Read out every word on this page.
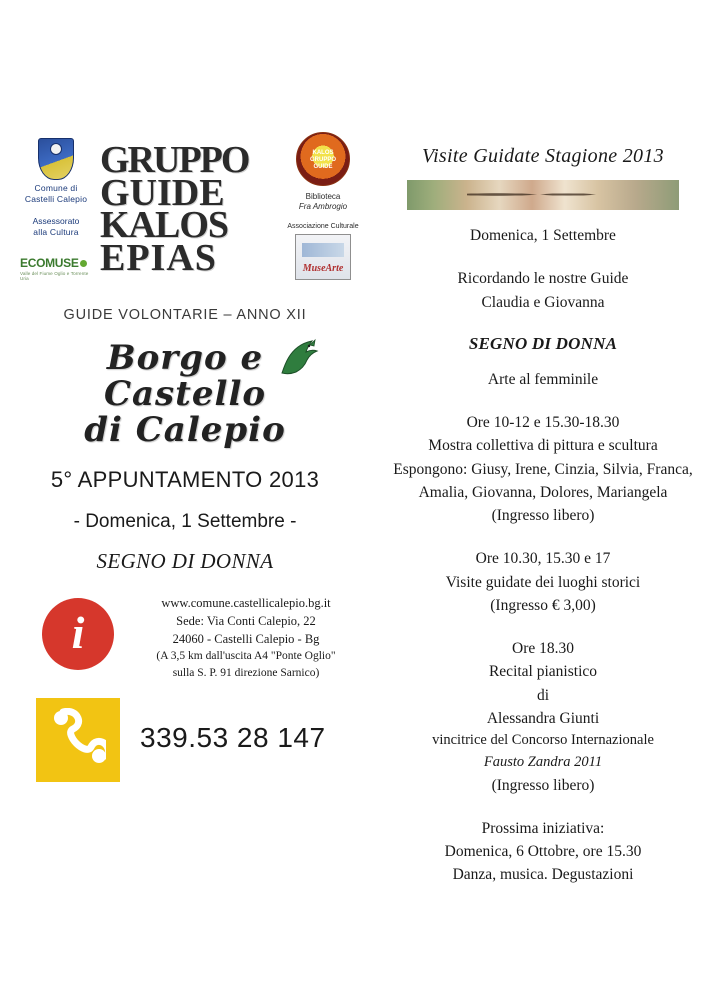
Comune di
Castelli Calepio
Assessorato
alla Cultura
ECOMUSE
Valle del Fiume Oglio e Torrente Uria
GRUPPO
GUIDE
KALOS
EPIAS
KALOS
GRUPPO
GUIDE
Biblioteca
Fra Ambrogio
Associazione Culturale
MuseArte
GUIDE VOLONTARIE – ANNO XII
Borgo e
Castello
di Calepio
5° APPUNTAMENTO 2013
- Domenica, 1 Settembre -
SEGNO DI DONNA
i
www.comune.castellicalepio.bg.it
Sede: Via Conti Calepio, 22
24060 - Castelli Calepio - Bg
(A 3,5 km dall'uscita A4 "Ponte Oglio"
sulla S. P. 91 direzione Sarnico)
339.53 28 147
Visite Guidate Stagione 2013
Domenica, 1 Settembre
Ricordando le nostre Guide
Claudia e Giovanna
SEGNO DI DONNA
Arte al femminile
Ore 10-12 e 15.30-18.30
Mostra collettiva di pittura e scultura
Espongono: Giusy, Irene, Cinzia, Silvia, Franca,
Amalia, Giovanna, Dolores, Mariangela
(Ingresso libero)
Ore 10.30, 15.30 e 17
Visite guidate dei luoghi storici
(Ingresso € 3,00)
Ore 18.30
Recital pianistico
di
Alessandra Giunti
vincitrice del Concorso Internazionale
Fausto Zandra 2011
(Ingresso libero)
Prossima iniziativa:
Domenica, 6 Ottobre, ore 15.30
Danza, musica. Degustazioni
